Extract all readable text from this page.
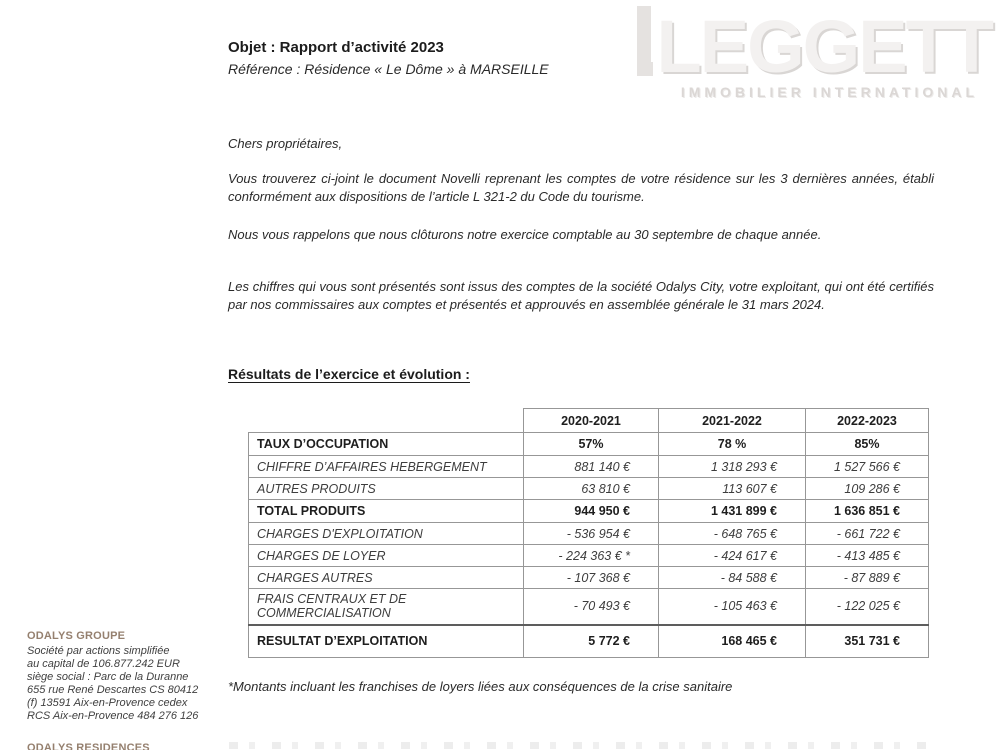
LEGGETT
IMMOBILIER INTERNATIONAL
Objet : Rapport d’activité 2023
Référence : Résidence « Le Dôme » à MARSEILLE
Chers propriétaires,

Vous trouverez ci-joint le document Novelli reprenant les comptes de votre résidence sur les 3 dernières années, établi conformément aux dispositions de l’article L 321-2 du Code du tourisme.

Nous vous rappelons que nous clôturons notre exercice comptable au 30 septembre de chaque année.

Les chiffres qui vous sont présentés sont issus des comptes de la société Odalys City, votre exploitant, qui ont été certifiés par nos commissaires aux comptes et présentés et approuvés en assemblée générale le 31 mars 2024.

Résultats de l’exercice et évolution :
	2020-2021	2021-2022	2022-2023
TAUX D’OCCUPATION	57%	78 %	85%
CHIFFRE D’AFFAIRES HEBERGEMENT	881 140 €	1 318 293 €	1 527 566 €
AUTRES PRODUITS	63 810 €	113 607 €	109 286 €
TOTAL PRODUITS	944 950 €	1 431 899 €	1 636 851 €
CHARGES D'EXPLOITATION	- 536 954 €	- 648 765 €	- 661 722 €
CHARGES DE LOYER	- 224 363 € *	- 424 617 €	- 413 485 €
CHARGES AUTRES	- 107 368 €	- 84 588 €	- 87 889 €
FRAIS CENTRAUX ET DE COMMERCIALISATION	- 70 493 €	- 105 463 €	- 122 025 €
RESULTAT D’EXPLOITATION	5 772 €	168 465 €	351 731 €
*Montants incluant les franchises de loyers liées aux conséquences de la crise sanitaire
ODALYS GROUPE
Société par actions simplifiée
au capital de 106.877.242 EUR
siège social : Parc de la Duranne
655 rue René Descartes CS 80412
(f) 13591 Aix-en-Provence cedex
RCS Aix-en-Provence 484 276 126
ODALYS RESIDENCES
